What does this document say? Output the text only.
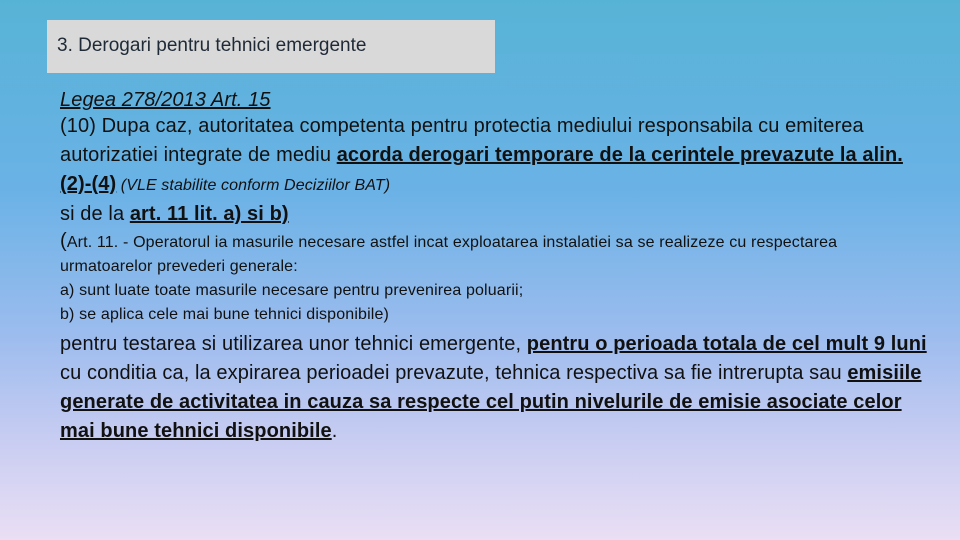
3. Derogari pentru tehnici emergente

Legea 278/2013 Art. 15

(10) Dupa caz, autoritatea competenta pentru protectia mediului responsabila cu emiterea autorizatiei integrate de mediu acorda derogari temporare de la cerintele prevazute la alin. (2)-(4) (VLE stabilite conform Deciziilor BAT)

si de la art. 11 lit. a) si b)

(Art. 11. - Operatorul ia masurile necesare astfel incat exploatarea instalatiei sa se realizeze cu respectarea urmatoarelor prevederi generale:

a) sunt luate toate masurile necesare pentru prevenirea poluarii;

b) se aplica cele mai bune tehnici disponibile)

pentru testarea si utilizarea unor tehnici emergente, pentru o perioada totala de cel mult 9 luni cu conditia ca, la expirarea perioadei prevazute, tehnica respectiva sa fie intrerupta sau emisiile generate de activitatea in cauza sa respecte cel putin nivelurile de emisie asociate celor mai bune tehnici disponibile.
